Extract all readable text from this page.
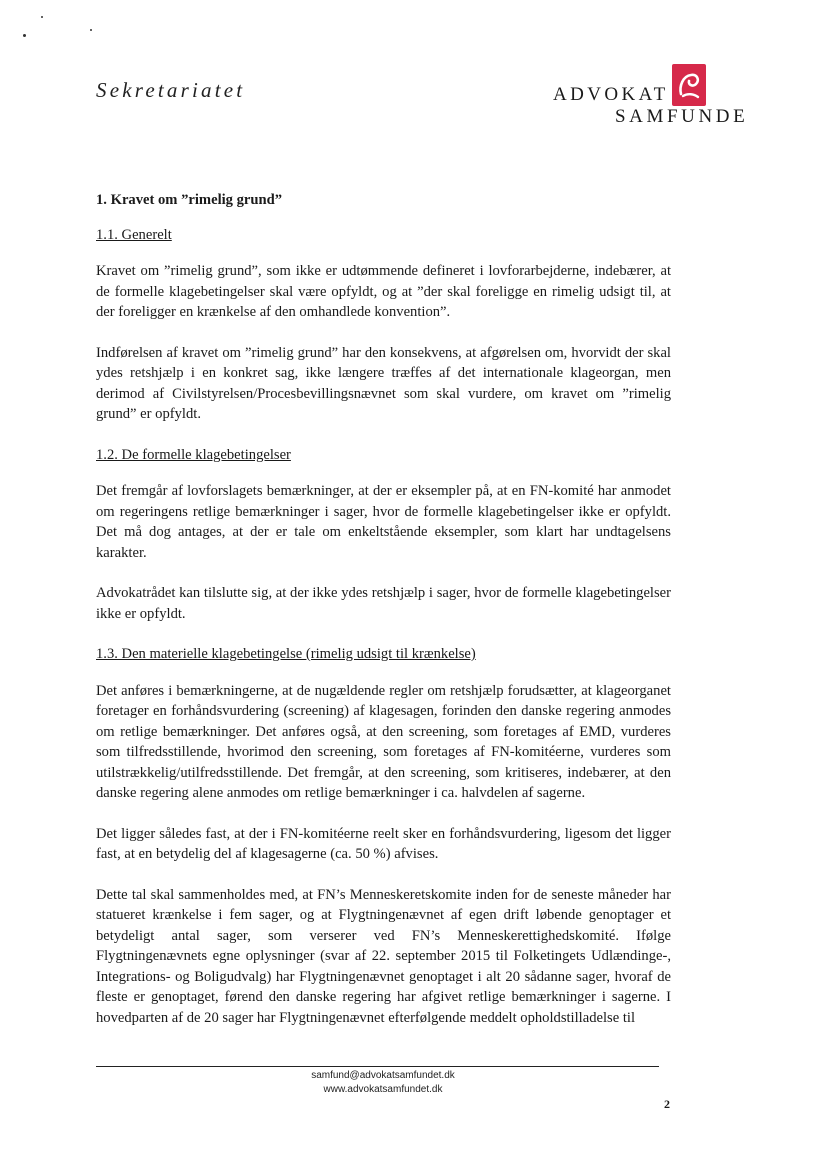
Sekretariatet	ADVOKAT
SAMFUNDE
1. Kravet om ”rimelig grund”
1.1. Generelt

Kravet om ”rimelig grund”, som ikke er udtømmende defineret i lovforarbejderne, indebærer, at de formelle klagebetingelser skal være opfyldt, og at ”der skal foreligge en rimelig udsigt til, at der foreligger en krænkelse af den omhandlede konvention”.

Indførelsen af kravet om ”rimelig grund” har den konsekvens, at afgørelsen om, hvorvidt der skal ydes retshjælp i en konkret sag, ikke længere træffes af det internationale klageorgan, men derimod af Civilstyrelsen/Procesbevillingsnævnet som skal vurdere, om kravet om ”rimelig grund” er opfyldt.

1.2. De formelle klagebetingelser

Det fremgår af lovforslagets bemærkninger, at der er eksempler på, at en FN-komité har anmodet om regeringens retlige bemærkninger i sager, hvor de formelle klagebetingelser ikke er opfyldt. Det må dog antages, at der er tale om enkeltstående eksempler, som klart har undtagelsens karakter.

Advokatrådet kan tilslutte sig, at der ikke ydes retshjælp i sager, hvor de formelle klagebetingelser ikke er opfyldt.

1.3. Den materielle klagebetingelse (rimelig udsigt til krænkelse)

Det anføres i bemærkningerne, at de nugældende regler om retshjælp forudsætter, at klageorganet foretager en forhåndsvurdering (screening) af klagesagen, forinden den danske regering anmodes om retlige bemærkninger. Det anføres også, at den screening, som foretages af EMD, vurderes som tilfredsstillende, hvorimod den screening, som foretages af FN-komitéerne, vurderes som utilstrækkelig/utilfredsstillende. Det fremgår, at den screening, som kritiseres, indebærer, at den danske regering alene anmodes om retlige bemærkninger i ca. halvdelen af sagerne.

Det ligger således fast, at der i FN-komitéerne reelt sker en forhåndsvurdering, ligesom det ligger fast, at en betydelig del af klagesagerne (ca. 50 %) afvises.

Dette tal skal sammenholdes med, at FN’s Menneskeretskomite inden for de seneste måneder har statueret krænkelse i fem sager, og at Flygtningenævnet af egen drift løbende genoptager et betydeligt antal sager, som verserer ved FN’s Menneskerettighedskomité. Ifølge Flygtningenævnets egne oplysninger (svar af 22. september 2015 til Folketingets Udlændinge-, Integrations- og Boligudvalg) har Flygtningenævnet genoptaget i alt 20 sådanne sager, hvoraf de fleste er genoptaget, førend den danske regering har afgivet retlige bemærkninger i sagerne. I hovedparten af de 20 sager har Flygtningenævnet efterfølgende meddelt opholdstilladelse til

samfund@advokatsamfundet.dk
www.advokatsamfundet.dk
2
